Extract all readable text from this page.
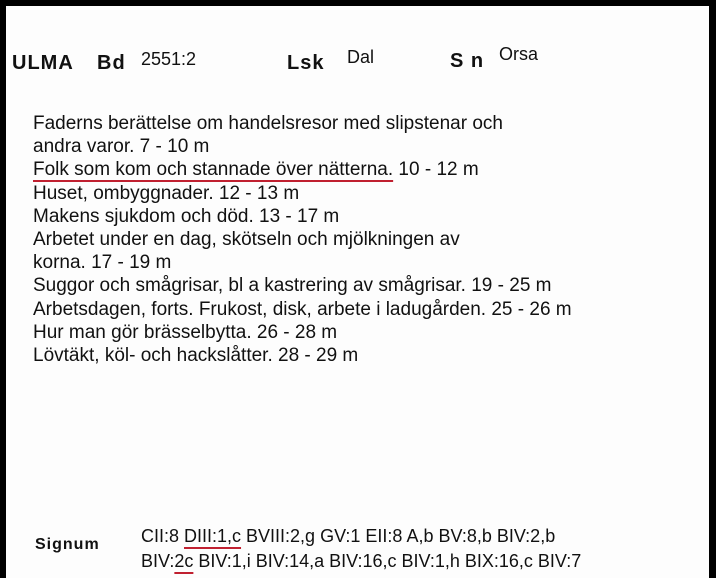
ULMA Bd 2551:2	Lsk Dal	S n Orsa
Faderns berättelse om handelsresor med slipstenar och
andra varor. 7 - 10 m
Folk som kom och stannade över nätterna. 10 - 12 m
Huset, ombyggnader. 12 - 13 m
Makens sjukdom och död. 13 - 17 m
Arbetet under en dag, skötseln och mjölkningen av
korna. 17 - 19 m
Suggor och smågrisar, bl a kastrering av smågrisar. 19 - 25 m
Arbetsdagen, forts. Frukost, disk, arbete i ladugården. 25 - 26 m
Hur man gör brässelbytta. 26 - 28 m
Lövtäkt, köl- och hackslåtter. 28 - 29 m
Signum CII:8 DIII:1,c BVIII:2,g GV:1 EII:8 A,b BV:8,b BIV:2,b
BIV:2c BIV:1,i BIV:14,a BIV:16,c BIV:1,h BIX:16,c BIV:7
